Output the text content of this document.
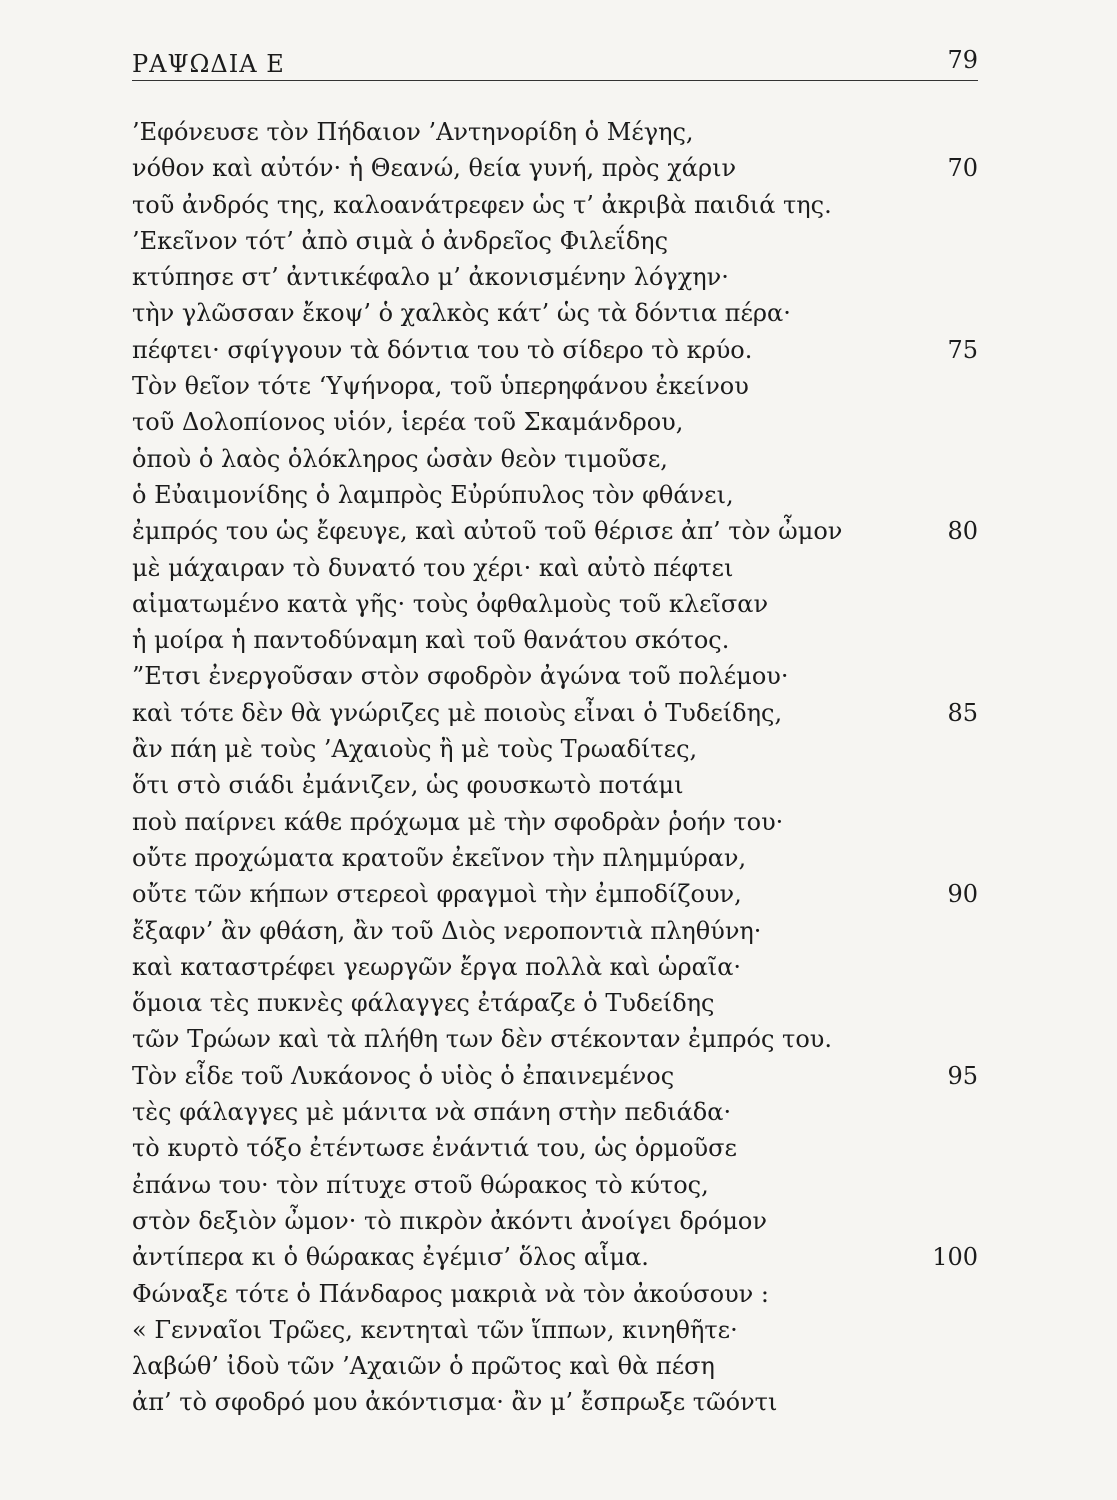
ΡΑΨΩΔΙΑ Ε	79
’Εφόνευσε τὸν Πήδαιον ’Αντηνορίδη ὁ Μέγης,
νόθον καὶ αὐτόν· ἡ Θεανώ, θεία γυνή, πρὸς χάριν	70
τοῦ ἀνδρός της, καλοανάτρεφεν ὡς τ’ ἀκριβὰ παιδιά της.
’Εκεῖνον τότ’ ἀπὸ σιμὰ ὁ ἀνδρεῖος Φιλεΐδης
κτύπησε στ’ ἀντικέφαλο μ’ ἀκονισμένην λόγχην·
τὴν γλῶσσαν ἔκοψ’ ὁ χαλκὸς κάτ’ ὡς τὰ δόντια πέρα·
πέφτει· σφίγγουν τὰ δόντια του τὸ σίδερο τὸ κρύο.	75
Τὸν θεῖον τότε ‘Υψήνορα, τοῦ ὑπερηφάνου ἐκείνου
τοῦ Δολοπίονος υἱόν, ἱερέα τοῦ Σκαμάνδρου,
ὁποὺ ὁ λαὸς ὁλόκληρος ὡσὰν θεὸν τιμοῦσε,
ὁ Εὐαιμονίδης ὁ λαμπρὸς Εὐρύπυλος τὸν φθάνει,
ἐμπρός του ὡς ἔφευγε, καὶ αὐτοῦ τοῦ θέρισε ἀπ’ τὸν ὦμον	80
μὲ μάχαιραν τὸ δυνατό του χέρι· καὶ αὐτὸ πέφτει
αἱματωμένο κατὰ γῆς· τοὺς ὀφθαλμοὺς τοῦ κλεῖσαν
ἡ μοίρα ἡ παντοδύναμη καὶ τοῦ θανάτου σκότος.
”Ετσι ἐνεργοῦσαν στὸν σφοδρὸν ἀγώνα τοῦ πολέμου·
καὶ τότε δὲν θὰ γνώριζες μὲ ποιοὺς εἶναι ὁ Τυδείδης,	85
ἂν πάη μὲ τοὺς ’Αχαιοὺς ἢ μὲ τοὺς Τρωαδίτες,
ὅτι στὸ σιάδι ἐμάνιζεν, ὡς φουσκωτὸ ποτάμι
ποὺ παίρνει κάθε πρόχωμα μὲ τὴν σφοδρὰν ῥοήν του·
οὔτε προχώματα κρατοῦν ἐκεῖνον τὴν πλημμύραν,
οὔτε τῶν κήπων στερεοὶ φραγμοὶ τὴν ἐμποδίζουν,	90
ἔξαφν’ ἂν φθάση, ἂν τοῦ Διὸς νεροποντιὰ πληθύνη·
καὶ καταστρέφει γεωργῶν ἔργα πολλὰ καὶ ὡραῖα·
ὅμοια τὲς πυκνὲς φάλαγγες ἐτάραζε ὁ Τυδείδης
τῶν Τρώων καὶ τὰ πλήθη των δὲν στέκονταν ἐμπρός του.
Τὸν εἶδε τοῦ Λυκάονος ὁ υἱὸς ὁ ἐπαινεμένος	95
τὲς φάλαγγες μὲ μάνιτα νὰ σπάνη στὴν πεδιάδα·
τὸ κυρτὸ τόξο ἐτέντωσε ἐνάντιά του, ὡς ὁρμοῦσε
ἐπάνω του· τὸν πίτυχε στοῦ θώρακος τὸ κύτος,
στὸν δεξιὸν ὦμον· τὸ πικρὸν ἀκόντι ἀνοίγει δρόμον
ἀντίπερα κι ὁ θώρακας ἐγέμισ’ ὅλος αἷμα.	100
Φώναξε τότε ὁ Πάνδαρος μακριὰ νὰ τὸν ἀκούσουν :
« Γενναῖοι Τρῶες, κεντηταὶ τῶν ἵππων, κινηθῆτε·
λαβώθ’ ἰδοὺ τῶν ’Αχαιῶν ὁ πρῶτος καὶ θὰ πέση
ἀπ’ τὸ σφοδρό μου ἀκόντισμα· ἂν μ’ ἔσπρωξε τῶόντι
